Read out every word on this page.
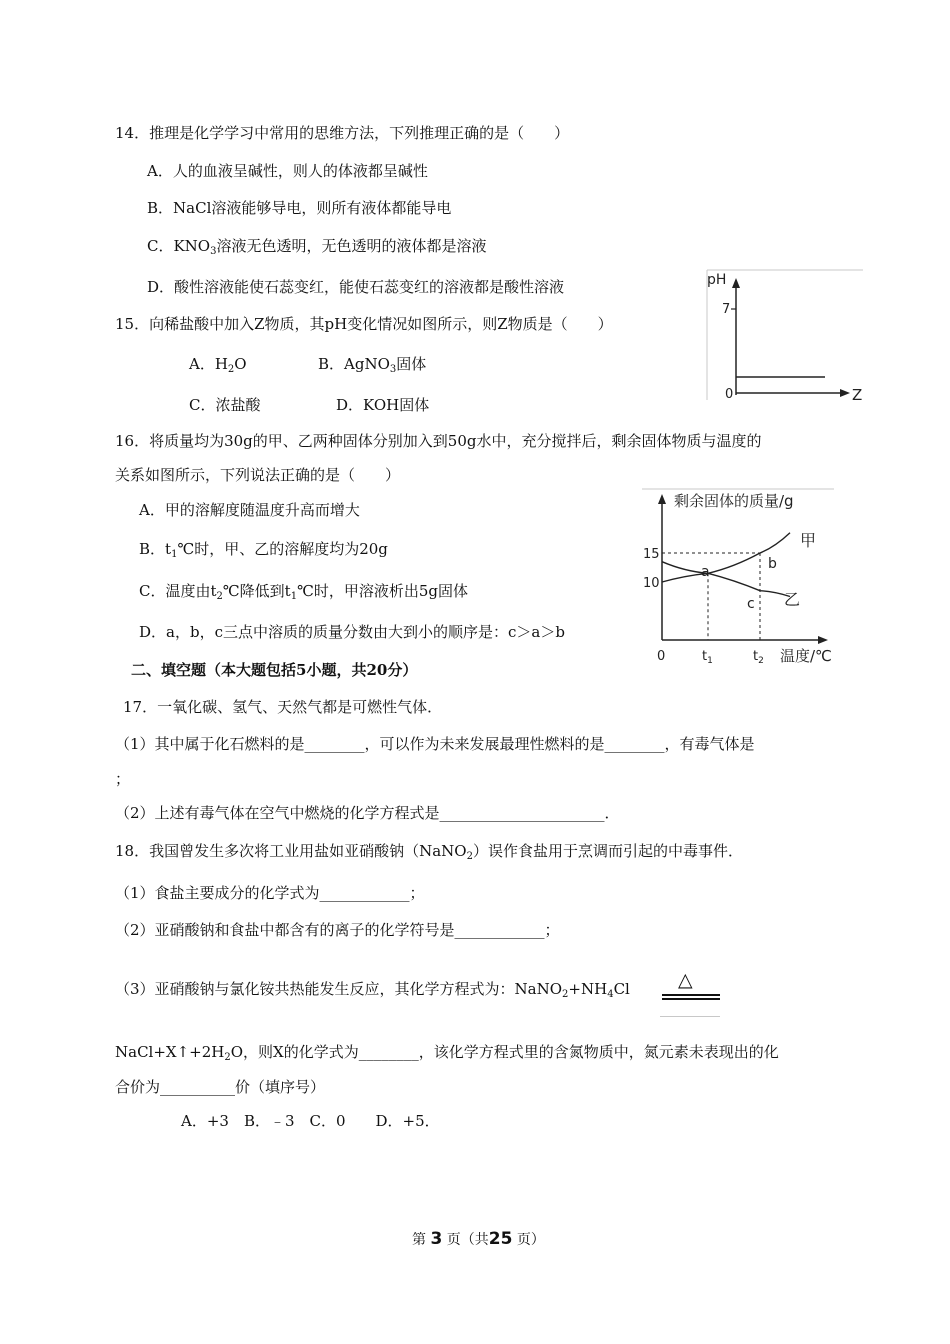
14．推理是化学学习中常用的思维方法，下列推理正确的是（　　）
A．人的血液呈碱性，则人的体液都呈碱性
B．NaCl溶液能够导电，则所有液体都能导电
C．$KNO_3$溶液无色透明，无色透明的液体都是溶液
D．酸性溶液能使石蕊变红，能使石蕊变红的溶液都是酸性溶液
15．向稀盐酸中加入Z物质，其pH变化情况如图所示，则Z物质是（　　）
A．$H_2O$	B．AgNO$_3$固体
C．浓盐酸	D．KOH固体
pH
7
0	Z
16．将质量均为30g的甲、乙两种固体分别加入到50g水中，充分搅拌后，剩余固体物质与温度的
关系如图所示，下列说法正确的是（　　）
A．甲的溶解度随温度升高而增大
B．$t_1℃$时，甲、乙的溶解度均为20g
C．温度由$t_2℃$降低到$t_1℃$时，甲溶液析出5g固体
D．a，b，c三点中溶质的质量分数由大到小的顺序是：c＞a＞b
剩余固体的质量/g
温度/℃
15
10
0	$t_1$	$t_2$
a	b
c
甲
乙
二、填空题（本大题包括5小题，共20分）
17．一氧化碳、氢气、天然气都是可燃性气体．
（1）其中属于化石燃料的是________，可以作为未来发展最理性燃料的是________，有毒气体是
；
（2）上述有毒气体在空气中燃烧的化学方程式是______________________．
18．我国曾发生多次将工业用盐如亚硝酸钠（NaNO$_2$）误作食盐用于烹调而引起的中毒事件．
（1）食盐主要成分的化学式为____________；
（2）亚硝酸钠和食盐中都含有的离子的化学符号是____________；
（3）亚硝酸钠与氯化铵共热能发生反应，其化学方程式为：$NaNO_2+NH_4Cl$	△
$NaCl+X↑+2H_2O$，则X的化学式为________，该化学方程式里的含氮物质中，氮元素未表现出的化
合价为__________价（填序号）
A．+3　B．﹣3　C．0　　D．+5．
第 3 页（共25 页）
